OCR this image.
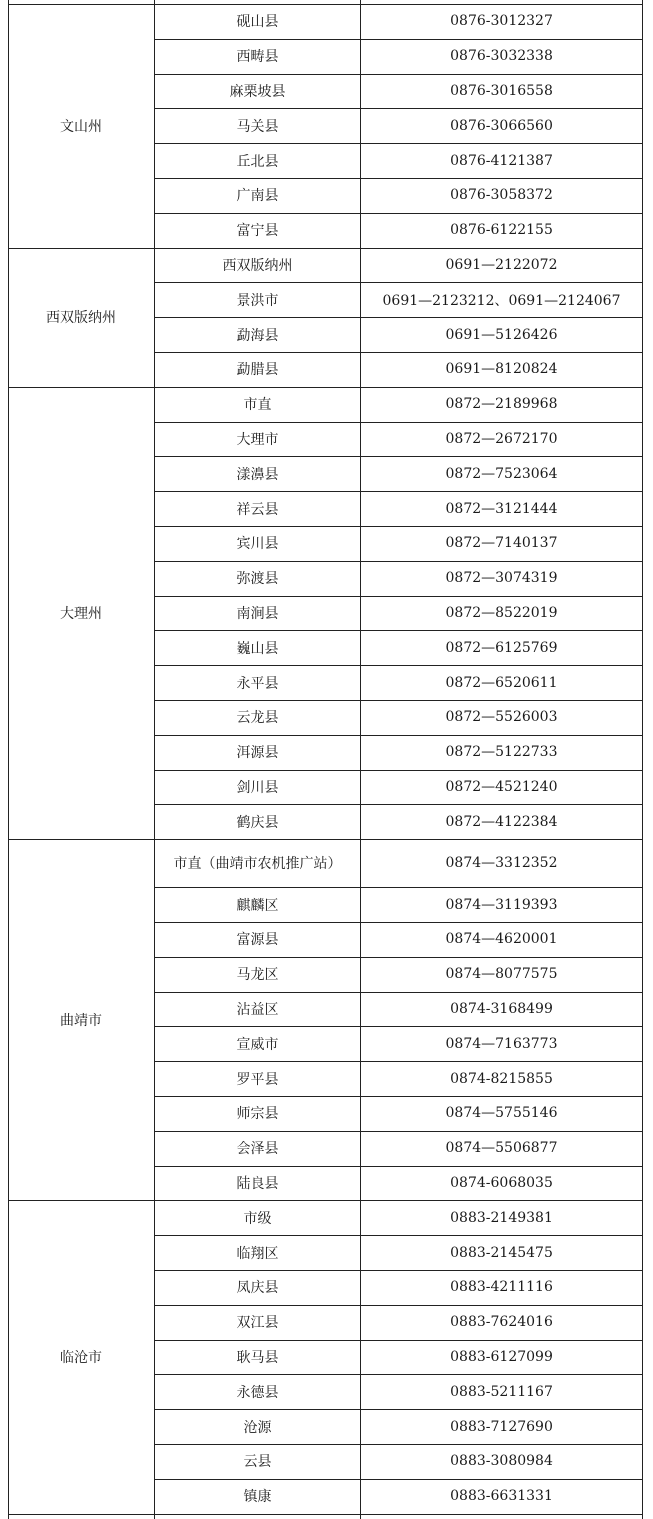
砚山县	0876-3012327
西畴县	0876-3032338
麻栗坡县	0876-3016558
马关县	0876-3066560
丘北县	0876-4121387
广南县	0876-3058372
富宁县	0876-6122155
文山州
西双版纳州	0691—2122072
景洪市	0691—2123212、0691—2124067
勐海县	0691—5126426
勐腊县	0691—8120824
西双版纳州
市直	0872—2189968
大理市	0872—2672170
漾濞县	0872—7523064
祥云县	0872—3121444
宾川县	0872—7140137
弥渡县	0872—3074319
南涧县	0872—8522019
巍山县	0872—6125769
永平县	0872—6520611
云龙县	0872—5526003
洱源县	0872—5122733
剑川县	0872—4521240
鹤庆县	0872—4122384
大理州
市直（曲靖市农机推广站）	0874—3312352
麒麟区	0874—3119393
富源县	0874—4620001
马龙区	0874—8077575
沾益区	0874-3168499
宣威市	0874—7163773
罗平县	0874-8215855
师宗县	0874—5755146
会泽县	0874—5506877
陆良县	0874-6068035
曲靖市
市级	0883-2149381
临翔区	0883-2145475
凤庆县	0883-4211116
双江县	0883-7624016
耿马县	0883-6127099
永德县	0883-5211167
沧源	0883-7127690
云县	0883-3080984
镇康	0883-6631331
临沧市
